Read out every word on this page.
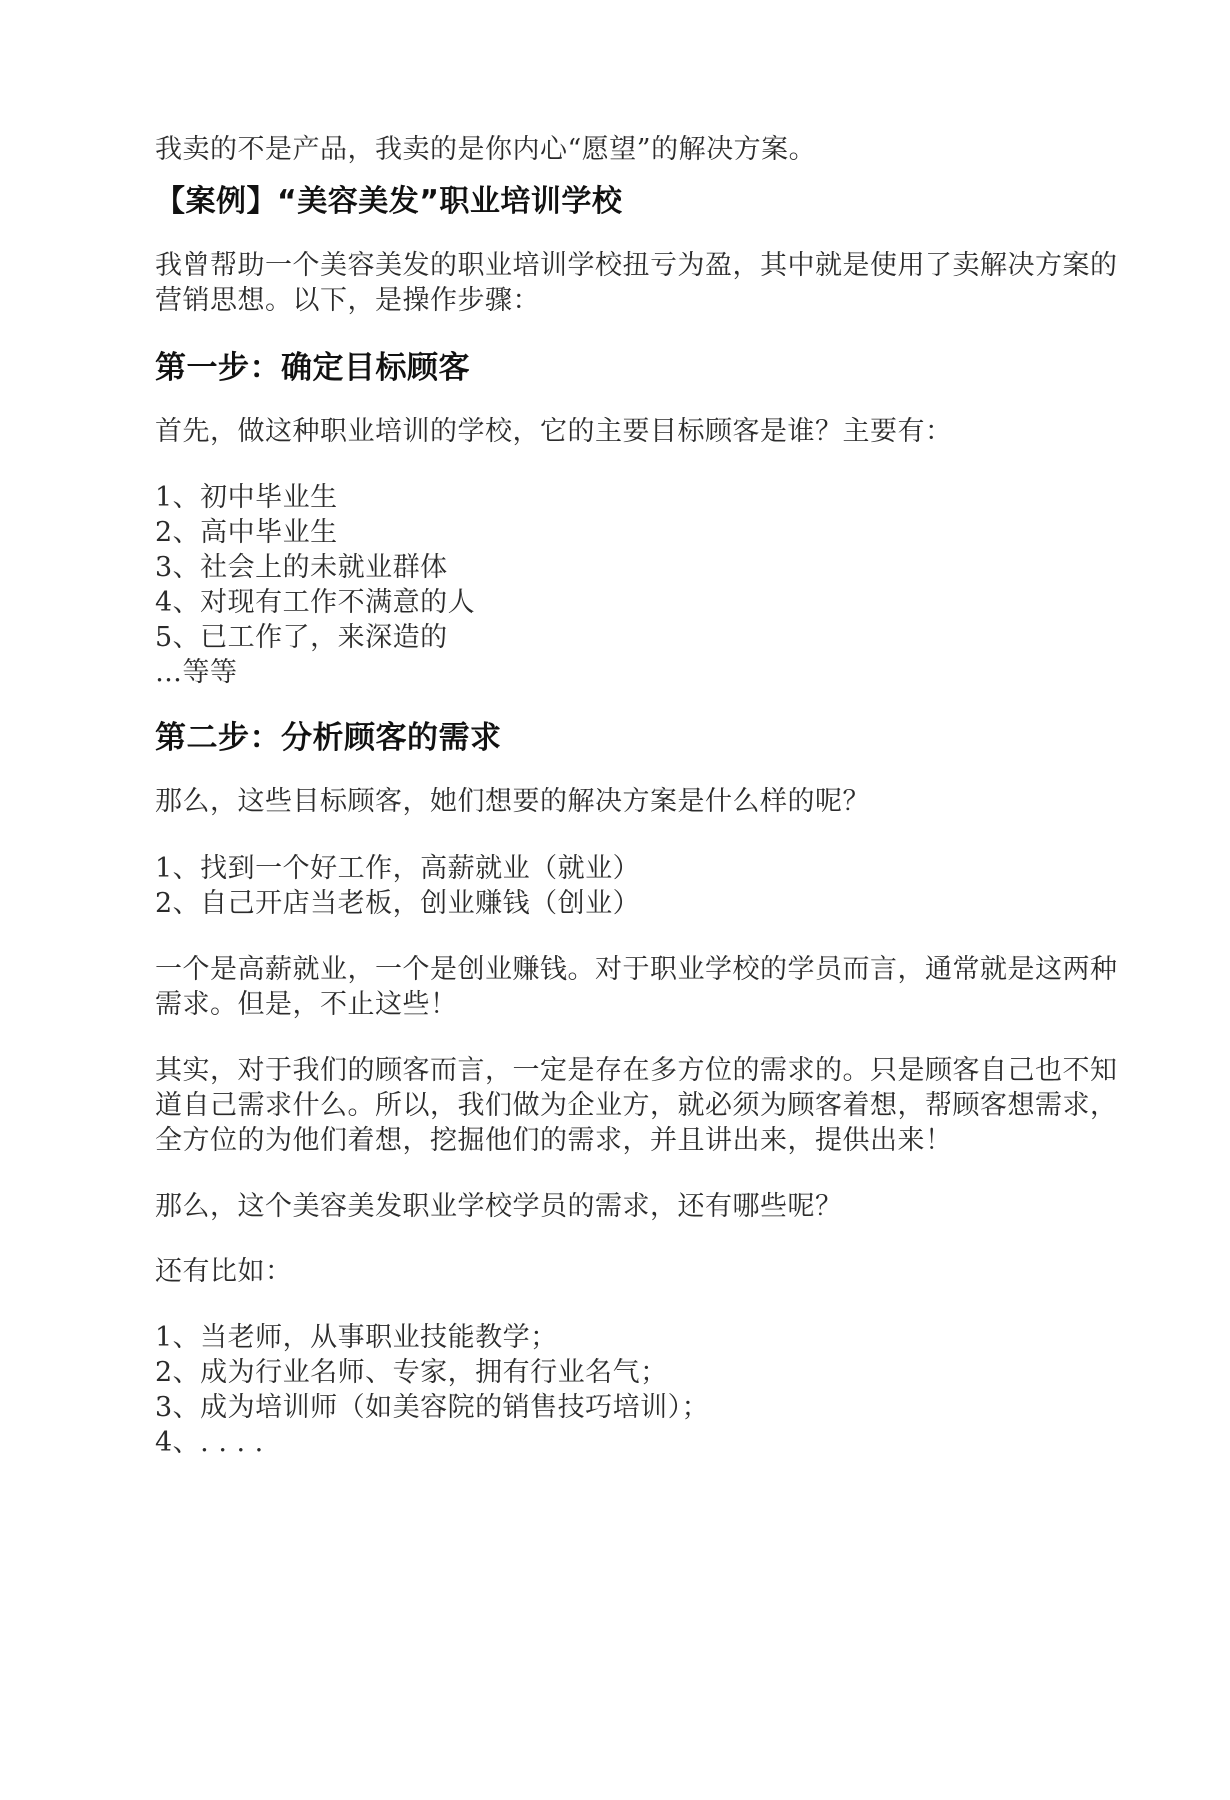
我卖的不是产品，我卖的是你内心“愿望”的解决方案。
【案例】“美容美发”职业培训学校
我曾帮助一个美容美发的职业培训学校扭亏为盈，其中就是使用了卖解决方案的
营销思想。以下，是操作步骤：
第一步：确定目标顾客
首先，做这种职业培训的学校，它的主要目标顾客是谁？主要有：
1、初中毕业生
2、高中毕业生
3、社会上的未就业群体
4、对现有工作不满意的人
5、已工作了，来深造的
…等等
第二步：分析顾客的需求
那么，这些目标顾客，她们想要的解决方案是什么样的呢？
1、找到一个好工作，高薪就业（就业）
2、自己开店当老板，创业赚钱（创业）
一个是高薪就业，一个是创业赚钱。对于职业学校的学员而言，通常就是这两种
需求。但是，不止这些！
其实，对于我们的顾客而言，一定是存在多方位的需求的。只是顾客自己也不知
道自己需求什么。所以，我们做为企业方，就必须为顾客着想，帮顾客想需求，
全方位的为他们着想，挖掘他们的需求，并且讲出来，提供出来！
那么，这个美容美发职业学校学员的需求，还有哪些呢？
还有比如：
1、当老师，从事职业技能教学；
2、成为行业名师、专家，拥有行业名气；
3、成为培训师（如美容院的销售技巧培训）；
4、. . . .
